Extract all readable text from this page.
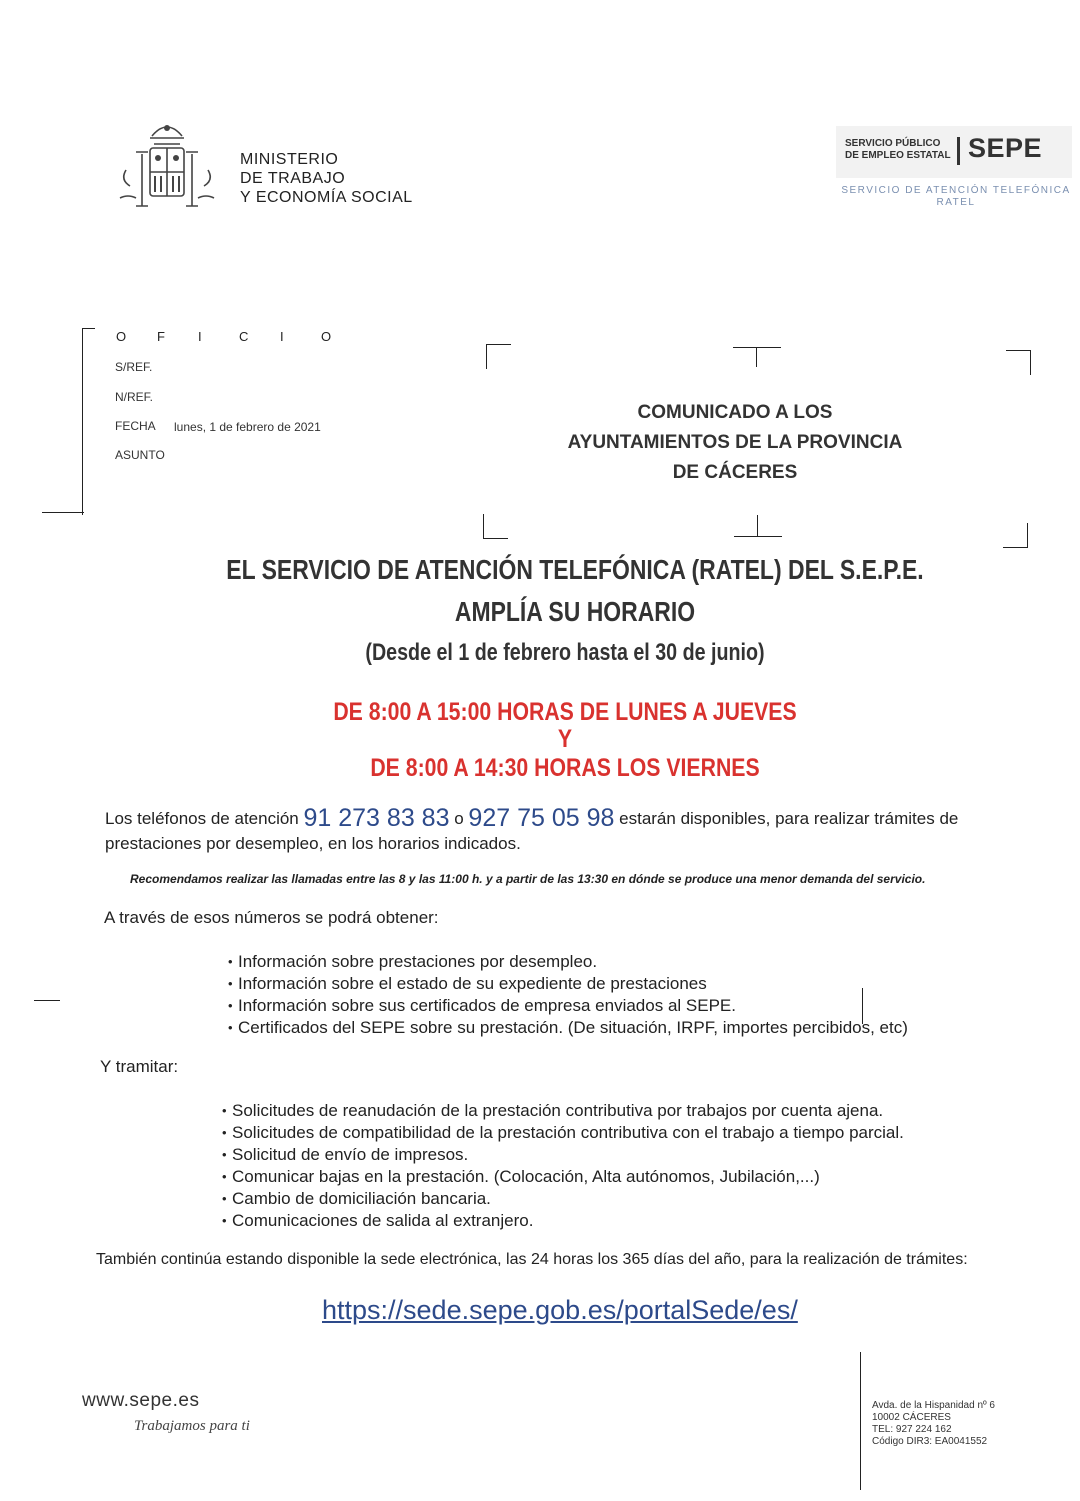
MINISTERIO
DE TRABAJO
Y ECONOMÍA SOCIAL
SERVICIO PÚBLICO
DE EMPLEO ESTATAL SEPE
SERVICIO DE ATENCIÓN TELEFÓNICA
RATEL
O F	I	C I	O
S/REF.
N/REF.
FECHA lunes, 1 de febrero de 2021
ASUNTO
COMUNICADO A LOS
AYUNTAMIENTOS DE LA PROVINCIA
DE CÁCERES
EL SERVICIO DE ATENCIÓN TELEFÓNICA (RATEL) DEL S.E.P.E.
AMPLÍA SU HORARIO
(Desde el 1 de febrero hasta el 30 de junio)
DE 8:00 A 15:00 HORAS DE LUNES A JUEVES
Y
DE 8:00 A 14:30 HORAS LOS VIERNES
Los teléfonos de atención 91 273 83 83 o 927 75 05 98 estarán disponibles, para realizar trámites de
prestaciones por desempleo, en los horarios indicados.
Recomendamos realizar las llamadas entre las 8 y las 11:00 h. y a partir de las 13:30 en dónde se produce una menor demanda del servicio.
A través de esos números se podrá obtener:
• Información sobre prestaciones por desempleo.
• Información sobre el estado de su expediente de prestaciones
• Información sobre sus certificados de empresa enviados al SEPE.
• Certificados del SEPE sobre su prestación. (De situación, IRPF, importes percibidos, etc)
Y tramitar:
• Solicitudes de reanudación de la prestación contributiva por trabajos por cuenta ajena.
• Solicitudes de compatibilidad de la prestación contributiva con el trabajo a tiempo parcial.
• Solicitud de envío de impresos.
• Comunicar bajas en la prestación. (Colocación, Alta autónomos, Jubilación,...)
• Cambio de domiciliación bancaria.
• Comunicaciones de salida al extranjero.
También continúa estando disponible la sede electrónica, las 24 horas los 365 días del año, para la realización de trámites:
https://sede.sepe.gob.es/portalSede/es/
www.sepe.es
Trabajamos para ti
Avda. de la Hispanidad nº 6
10002 CÁCERES
TEL: 927 224 162
Código DIR3: EA0041552
